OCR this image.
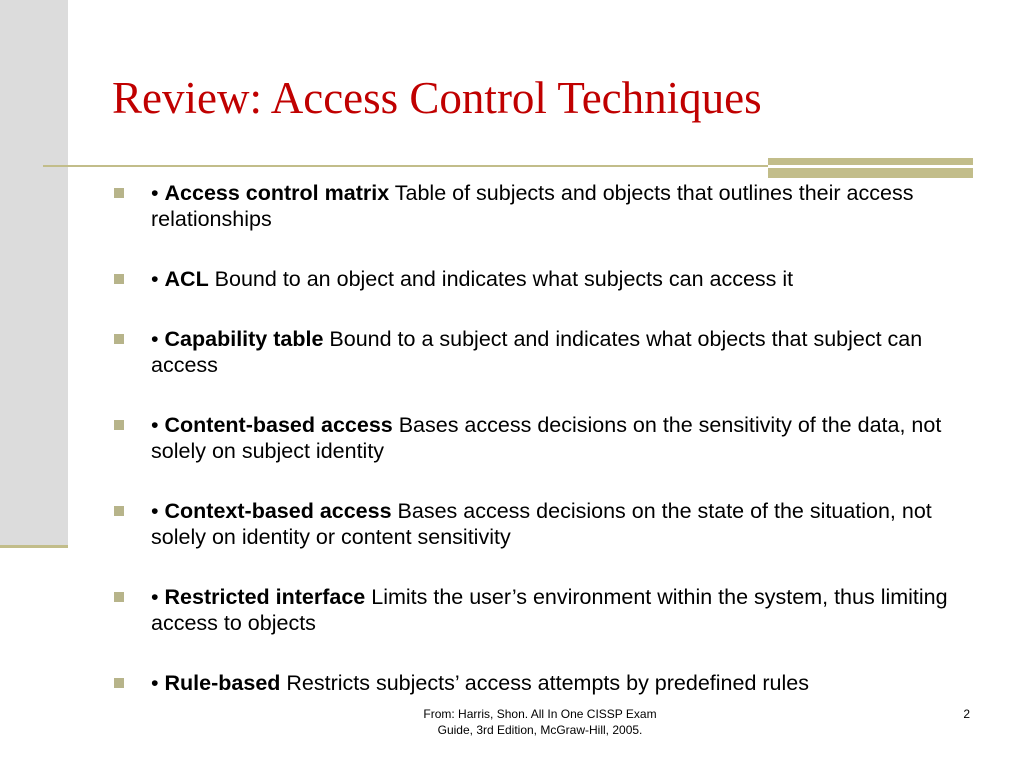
Review: Access Control Techniques
• Access control matrix Table of subjects and objects that outlines their access relationships
• ACL Bound to an object and indicates what subjects can access it
• Capability table Bound to a subject and indicates what objects that subject can access
• Content-based access Bases access decisions on the sensitivity of the data, not solely on subject identity
• Context-based access Bases access decisions on the state of the situation, not solely on identity or content sensitivity
• Restricted interface Limits the user’s environment within the system, thus limiting access to objects
• Rule-based Restricts subjects’ access attempts by predefined rules
From: Harris, Shon. All In One CISSP Exam
Guide, 3rd Edition, McGraw-Hill, 2005.
2
